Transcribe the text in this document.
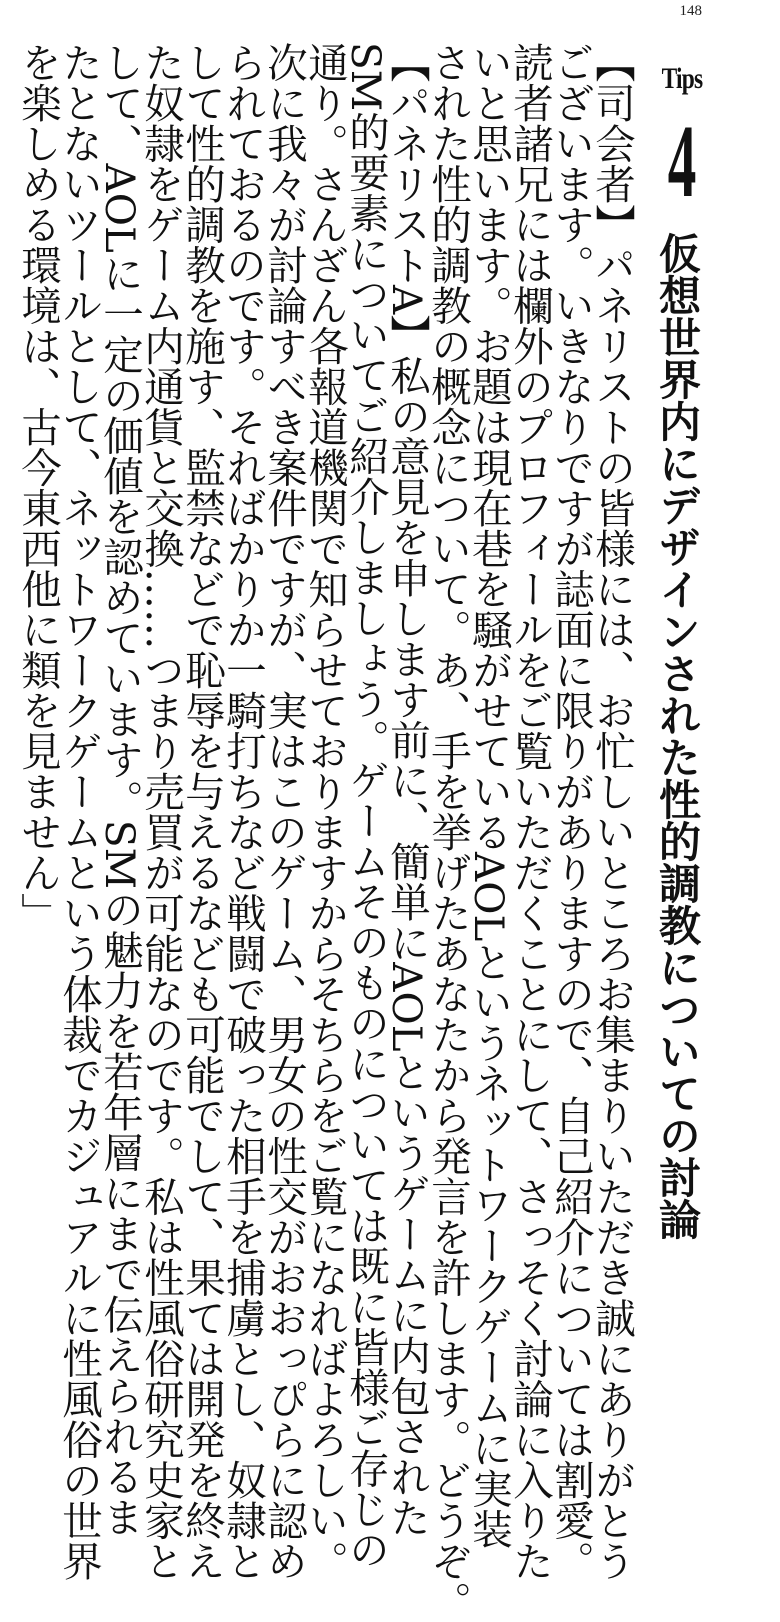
148

【司会者】パネリストの皆様には、お忙しいところお集まりいただき誠にありがとう
ございます。いきなりですが誌面に限りがありますので、自己紹介については割愛。
読者諸兄には欄外のプロフィールをご覧いただくことにして、さっそく討論に入りた
いと思います。お題は現在巷を騒がせているAOLというネットワークゲームに実装
された性的調教の概念について。あ、手を挙げたあなたから発言を許します。どうぞ。

【パネリストA】私の意見を申します前に、簡単にAOLというゲームに内包された
SM的要素についてご紹介しましょう。ゲームそのものについては既に皆様ご存じの
通り。さんざん各報道機関で知らせておりますからそちらをご覧になればよろしい。
次に我々が討論すべき案件ですが、実はこのゲーム、男女の性交がおおっぴらに認め
られておるのです。そればかりか一騎打ちなど戦闘で破った相手を捕虜とし、奴隷と
して性的調教を施す、監禁などで恥辱を与えるなども可能でして、果ては開発を終え
た奴隷をゲーム内通貨と交換……つまり売買が可能なのです。私は性風俗研究史家と
して、AOLに一定の価値を認めています。SMの魅力を若年層にまで伝えられるま
たとないツールとして、ネットワークゲームという体裁でカジュアルに性風俗の世界
を楽しめる環境は、古今東西他に類を見ません」	Tips
4
仮想世界内にデザインされた性的調教についての討論
